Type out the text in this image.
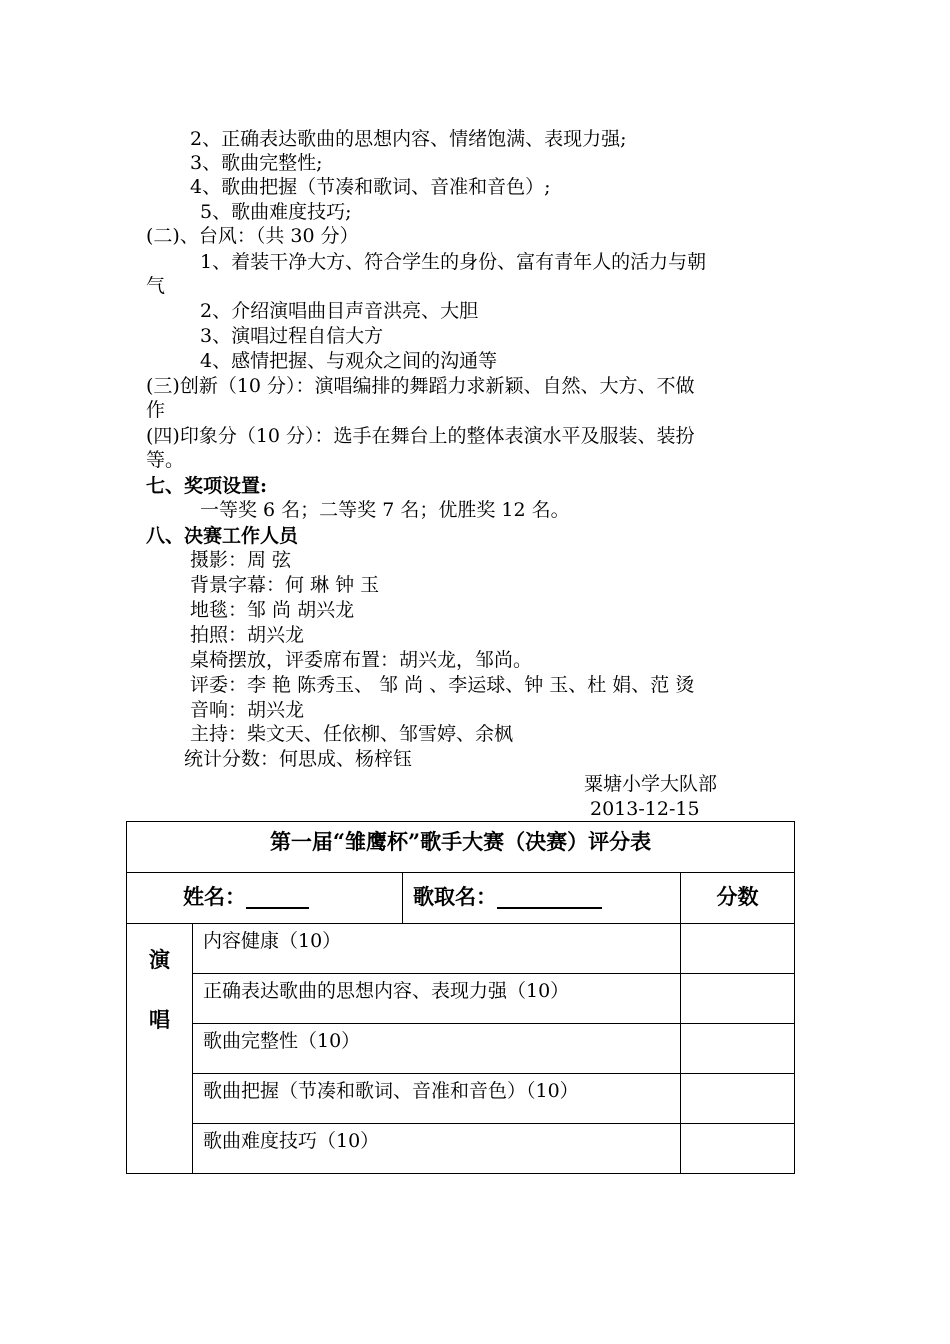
2、正确表达歌曲的思想内容、情绪饱满、表现力强;
3、歌曲完整性;
4、歌曲把握（节凑和歌词、音准和音色）;
5、歌曲难度技巧;
(二)、台风：（共 30 分）
1、着装干净大方、符合学生的身份、富有青年人的活力与朝
气
2、介绍演唱曲目声音洪亮、大胆
3、演唱过程自信大方
4、感情把握、与观众之间的沟通等
(三)创新（10 分）：演唱编排的舞蹈力求新颖、自然、大方、不做
作
(四)印象分（10 分）：选手在舞台上的整体表演水平及服装、装扮
等。
七、奖项设置:
一等奖 6 名；二等奖 7 名；优胜奖 12 名。
八、决赛工作人员
摄影：周 弦
背景字幕：何 琳 钟 玉
地毯：邹 尚 胡兴龙
拍照：胡兴龙
桌椅摆放，评委席布置：胡兴龙，邹尚。
评委：李 艳 陈秀玉、 邹 尚 、李运球、钟 玉、杜 娟、范 烫
音响：胡兴龙
主持：柴文天、任依柳、邹雪婷、余枫
统计分数：何思成、杨梓钰
粟塘小学大队部
2013-12-15
第一届“雏鹰杯”歌手大赛（决赛）评分表			

姓名：______		歌取名：__________	分数

演
唱	内容健康（10）		

	正确表达歌曲的思想内容、表现力强（10）		

	歌曲完整性（10）		

	歌曲把握（节凑和歌词、音准和音色）（10）		

	歌曲难度技巧（10）		
